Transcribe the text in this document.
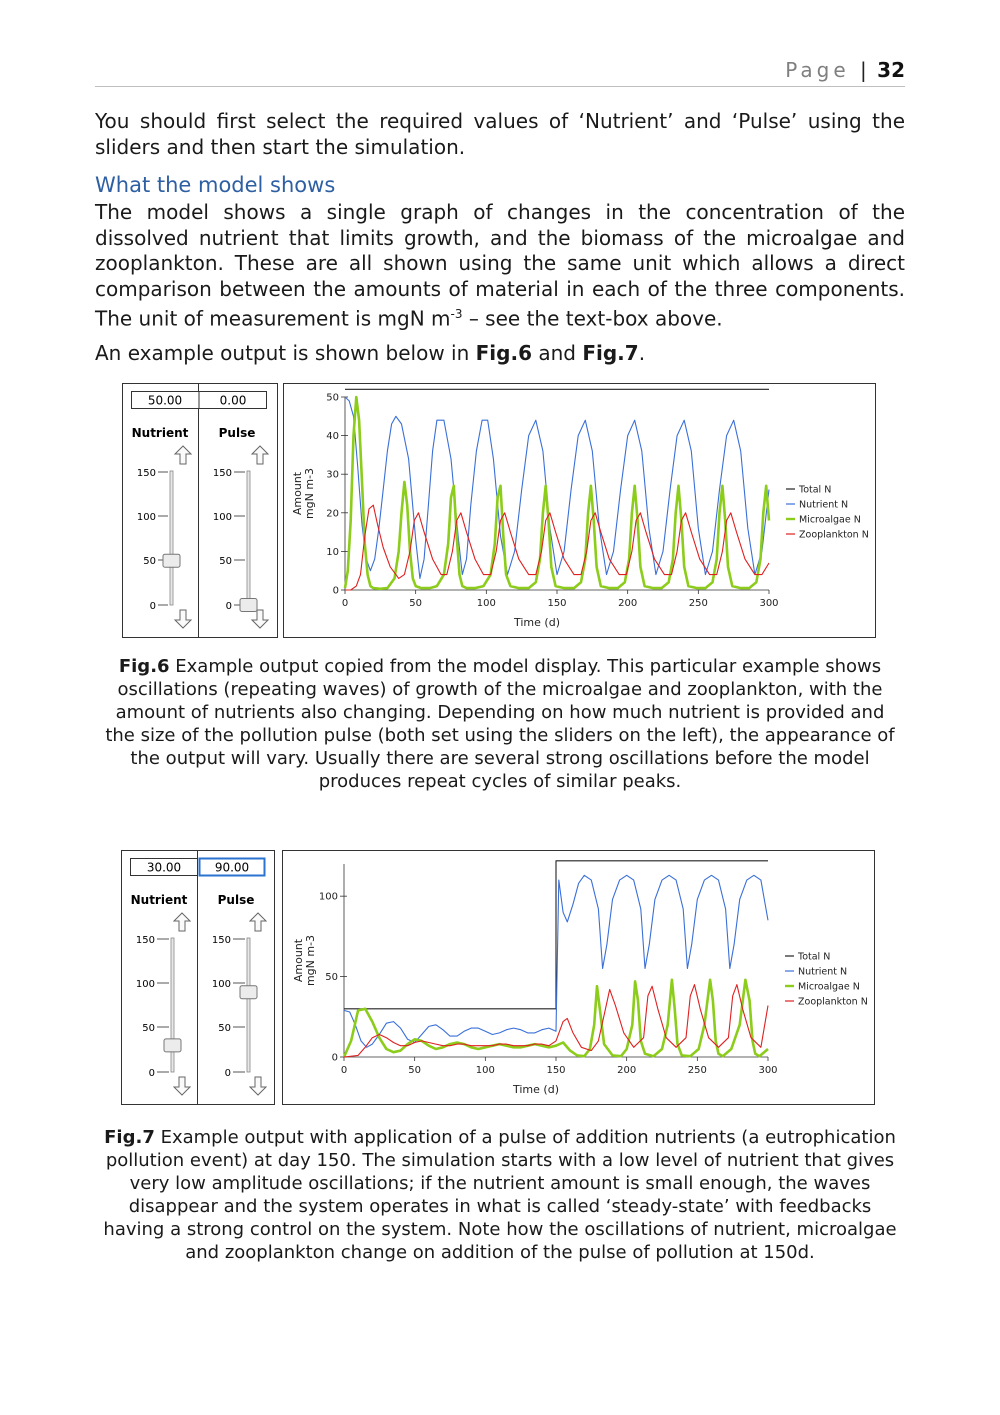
Page | 32

You should first select the required values of ‘Nutrient’ and ‘Pulse’ using the sliders and then start the simulation.

What the model shows

The model shows a single graph of changes in the concentration of the dissolved nutrient that limits growth, and the biomass of the microalgae and zooplankton. These are all shown using the same unit which allows a direct comparison between the amounts of material in each of the three components. The unit of measurement is mgN $m^{-3}$ – see the text-box above.

An example output is shown below in Fig.6 and Fig.7.

50.00	0.00
Nutrient	Pulse
150
100
50
0
150
100
50
0	0	50	100	150	200	250	300
0
10
20
30
40
50
Time (d)
Amount mgN m-3	Total N
Nutrient N
Microalgae N
Zooplankton N

Fig.6 Example output copied from the model display. This particular example shows oscillations (repeating waves) of growth of the microalgae and zooplankton, with the amount of nutrients also changing. Depending on how much nutrient is provided and the size of the pollution pulse (both set using the sliders on the left), the appearance of the output will vary. Usually there are several strong oscillations before the model produces repeat cycles of similar peaks.

30.00	90.00
Nutrient	Pulse
150
100
50
0
150
100
50
0	0	50	100	150	200	250	300
0
50
100
Time (d)
Amount mgN m-3	Total N
Nutrient N
Microalgae N
Zooplankton N

Fig.7 Example output with application of a pulse of addition nutrients (a eutrophication pollution event) at day 150. The simulation starts with a low level of nutrient that gives very low amplitude oscillations; if the nutrient amount is small enough, the waves disappear and the system operates in what is called ‘steady-state’ with feedbacks having a strong control on the system. Note how the oscillations of nutrient, microalgae and zooplankton change on addition of the pulse of pollution at 150d.
